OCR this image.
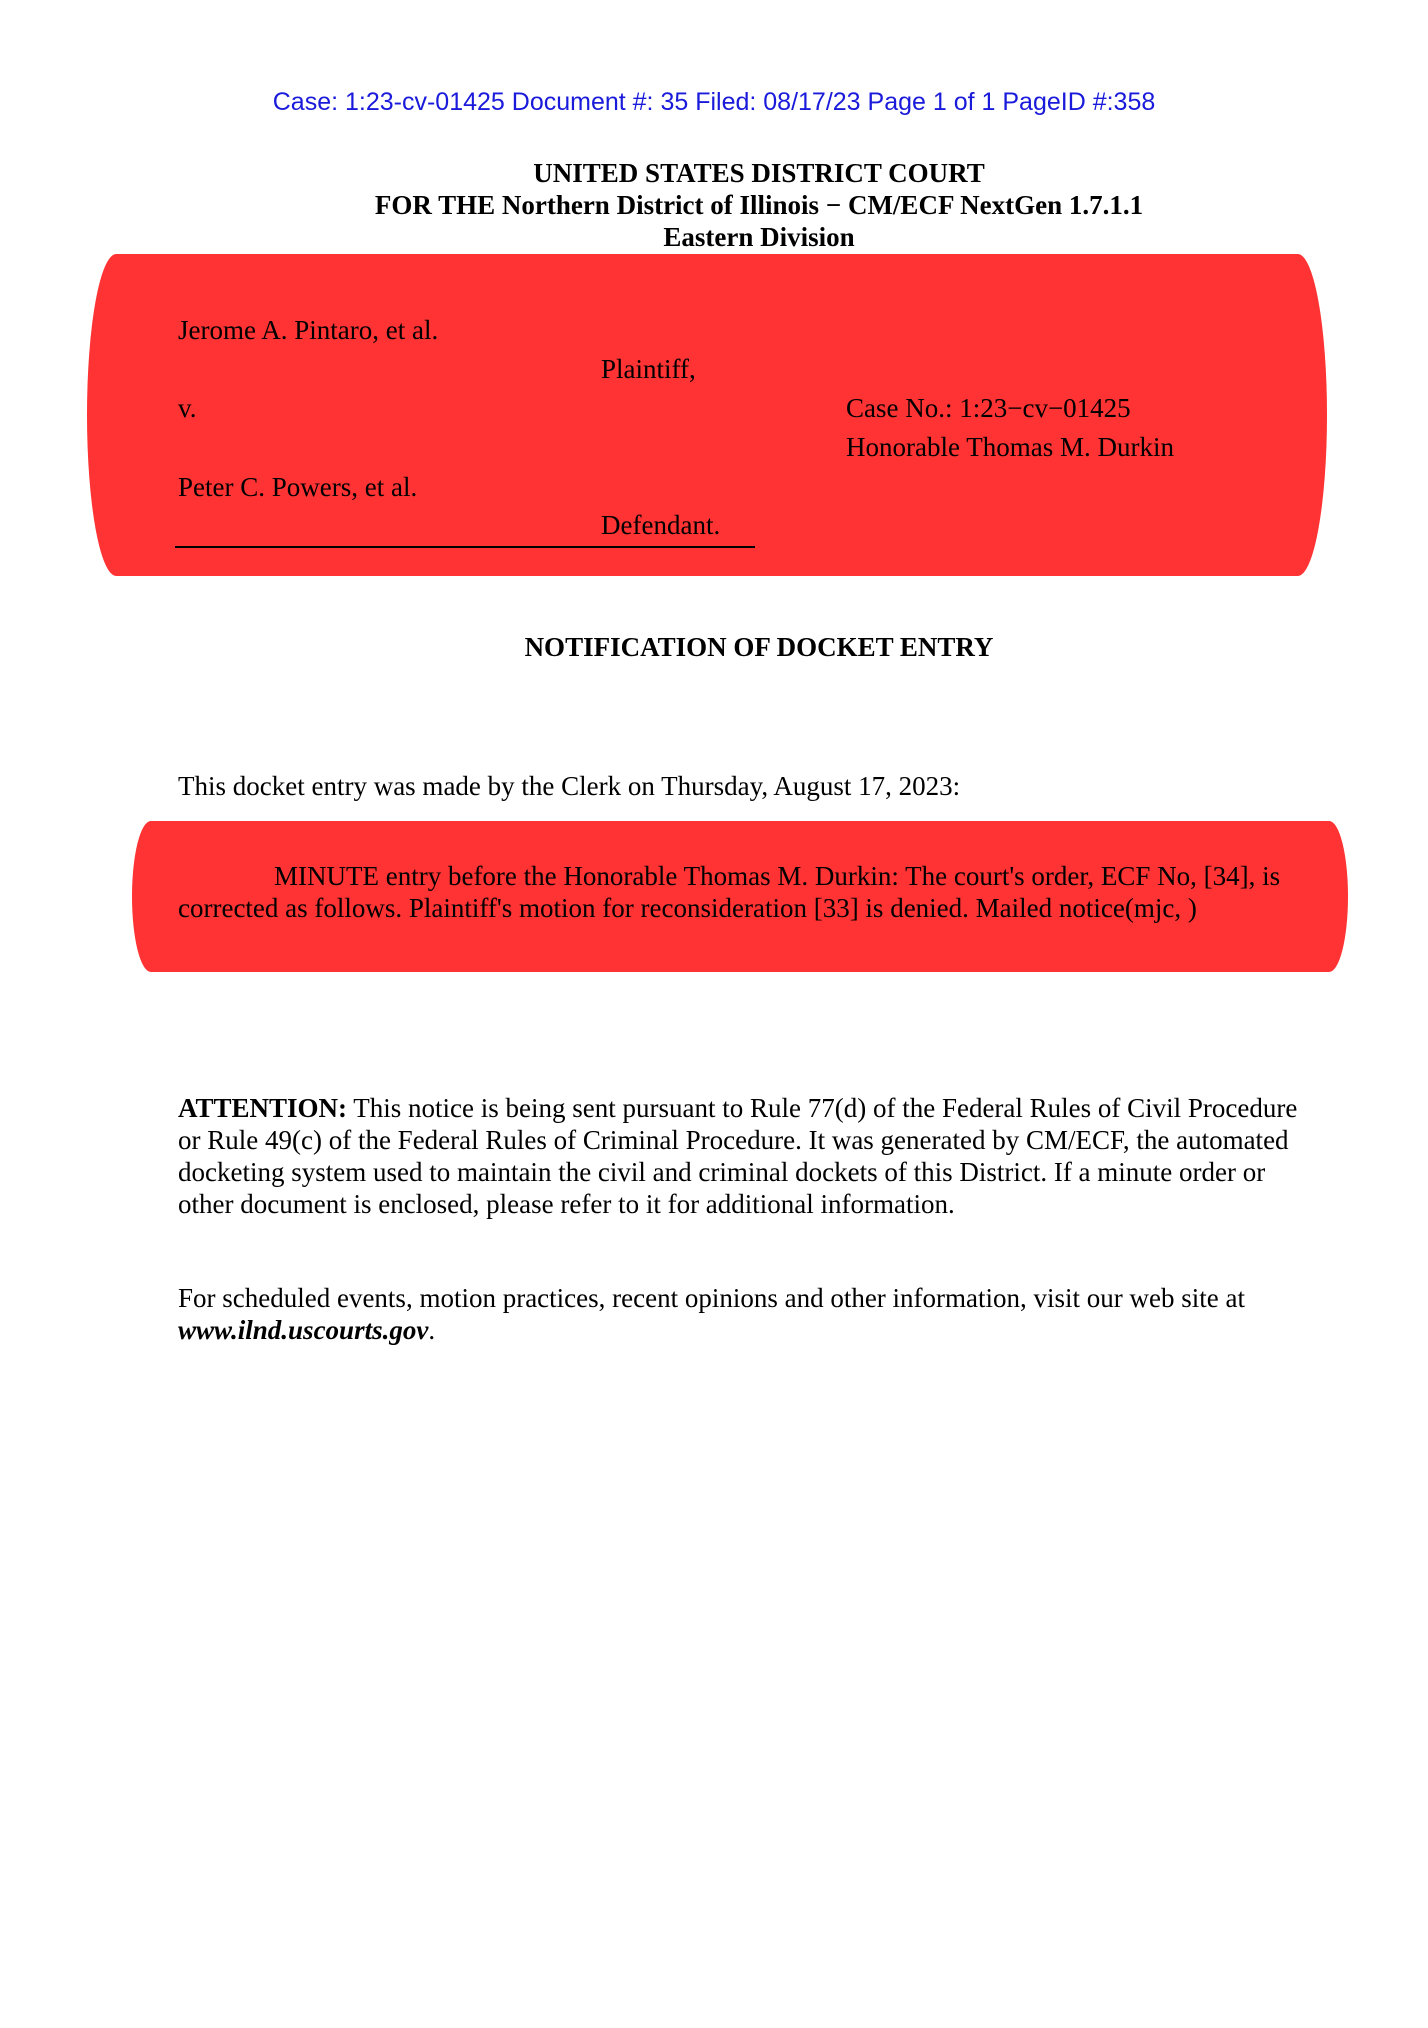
Case: 1:23-cv-01425 Document #: 35 Filed: 08/17/23 Page 1 of 1 PageID #:358
UNITED STATES DISTRICT COURT
FOR THE Northern District of Illinois − CM/ECF NextGen 1.7.1.1
Eastern Division
Jerome A. Pintaro, et al.
Plaintiff,
v.	Case No.: 1:23−cv−01425
Honorable Thomas M. Durkin
Peter C. Powers, et al.
Defendant.
NOTIFICATION OF DOCKET ENTRY
This docket entry was made by the Clerk on Thursday, August 17, 2023:
MINUTE entry before the Honorable Thomas M. Durkin: The court's order, ECF No, [34], is corrected as follows. Plaintiff's motion for reconsideration [33] is denied. Mailed notice(mjc, )
ATTENTION: This notice is being sent pursuant to Rule 77(d) of the Federal Rules of Civil Procedure or Rule 49(c) of the Federal Rules of Criminal Procedure. It was generated by CM/ECF, the automated docketing system used to maintain the civil and criminal dockets of this District. If a minute order or other document is enclosed, please refer to it for additional information.
For scheduled events, motion practices, recent opinions and other information, visit our web site at www.ilnd.uscourts.gov.
